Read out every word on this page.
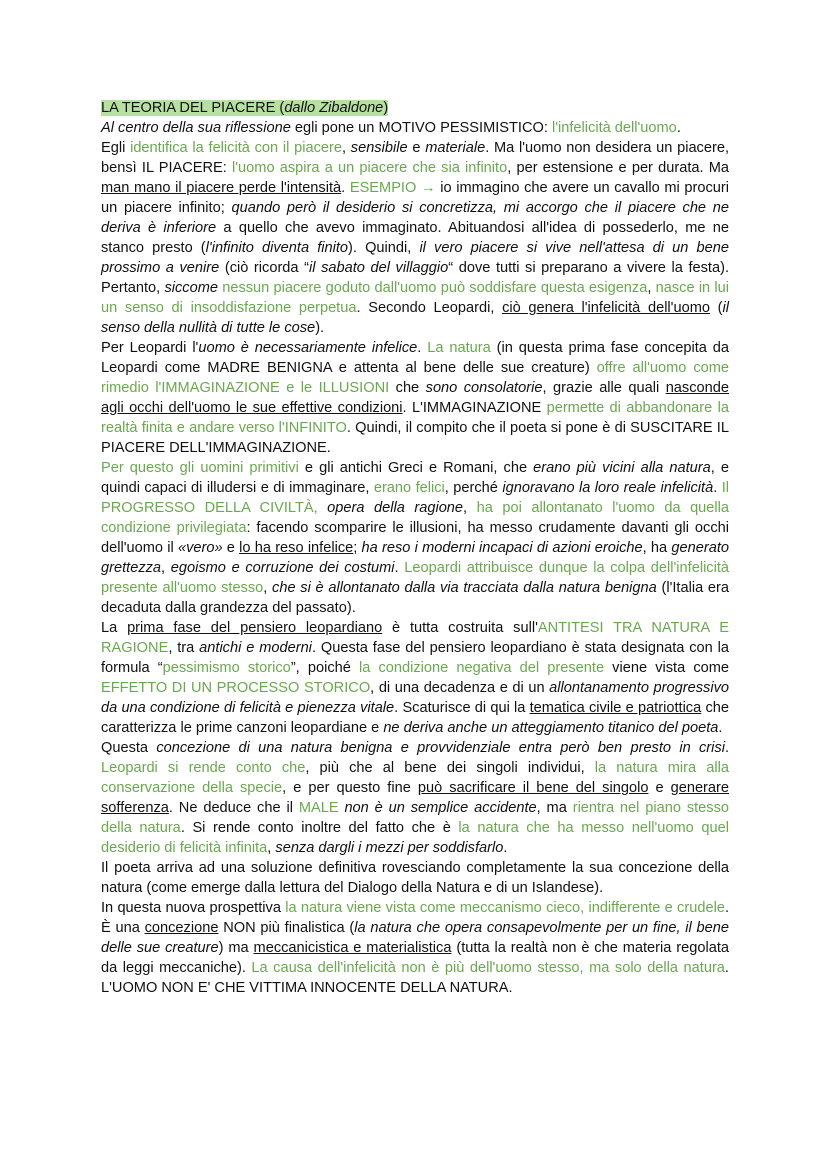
LA TEORIA DEL PIACERE (dallo Zibaldone)

Al centro della sua riflessione egli pone un MOTIVO PESSIMISTICO: l'infelicità dell'uomo.

Egli identifica la felicità con il piacere, sensibile e materiale. Ma l'uomo non desidera un piacere, bensì IL PIACERE: l'uomo aspira a un piacere che sia infinito, per estensione e per durata. Ma man mano il piacere perde l'intensità. ESEMPIO → io immagino che avere un cavallo mi procuri un piacere infinito; quando però il desiderio si concretizza, mi accorgo che il piacere che ne deriva è inferiore a quello che avevo immaginato. Abituandosi all'idea di possederlo, me ne stanco presto (l'infinito diventa finito). Quindi, il vero piacere si vive nell'attesa di un bene prossimo a venire (ciò ricorda “il sabato del villaggio“ dove tutti si preparano a vivere la festa). Pertanto, siccome nessun piacere goduto dall'uomo può soddisfare questa esigenza, nasce in lui un senso di insoddisfazione perpetua. Secondo Leopardi, ciò genera l'infelicità dell'uomo (il senso della nullità di tutte le cose).

Per Leopardi l'uomo è necessariamente infelice. La natura (in questa prima fase concepita da Leopardi come MADRE BENIGNA e attenta al bene delle sue creature) offre all'uomo come rimedio l'IMMAGINAZIONE e le ILLUSIONI che sono consolatorie, grazie alle quali nasconde agli occhi dell'uomo le sue effettive condizioni. L'IMMAGINAZIONE permette di abbandonare la realtà finita e andare verso l'INFINITO. Quindi, il compito che il poeta si pone è di SUSCITARE IL PIACERE DELL'IMMAGINAZIONE.

Per questo gli uomini primitivi e gli antichi Greci e Romani, che erano più vicini alla natura, e quindi capaci di illudersi e di immaginare, erano felici, perché ignoravano la loro reale infelicità. Il PROGRESSO DELLA CIVILTÀ, opera della ragione, ha poi allontanato l'uomo da quella condizione privilegiata: facendo scomparire le illusioni, ha messo crudamente davanti gli occhi dell'uomo il «vero» e lo ha reso infelice; ha reso i moderni incapaci di azioni eroiche, ha generato grettezza, egoismo e corruzione dei costumi. Leopardi attribuisce dunque la colpa dell'infelicità presente all'uomo stesso, che si è allontanato dalla via tracciata dalla natura benigna (l'Italia era decaduta dalla grandezza del passato).

La prima fase del pensiero leopardiano è tutta costruita sull'ANTITESI TRA NATURA E RAGIONE, tra antichi e moderni. Questa fase del pensiero leopardiano è stata designata con la formula “pessimismo storico”, poiché la condizione negativa del presente viene vista come EFFETTO DI UN PROCESSO STORICO, di una decadenza e di un allontanamento progressivo da una condizione di felicità e pienezza vitale. Scaturisce di qui la tematica civile e patriottica che caratterizza le prime canzoni leopardiane e ne deriva anche un atteggiamento titanico del poeta.

Questa concezione di una natura benigna e provvidenziale entra però ben presto in crisi. Leopardi si rende conto che, più che al bene dei singoli individui, la natura mira alla conservazione della specie, e per questo fine può sacrificare il bene del singolo e generare sofferenza. Ne deduce che il MALE non è un semplice accidente, ma rientra nel piano stesso della natura. Si rende conto inoltre del fatto che è la natura che ha messo nell'uomo quel desiderio di felicità infinita, senza dargli i mezzi per soddisfarlo.

Il poeta arriva ad una soluzione definitiva rovesciando completamente la sua concezione della natura (come emerge dalla lettura del Dialogo della Natura e di un Islandese).

In questa nuova prospettiva la natura viene vista come meccanismo cieco, indifferente e crudele. È una concezione NON più finalistica (la natura che opera consapevolmente per un fine, il bene delle sue creature) ma meccanicistica e materialistica (tutta la realtà non è che materia regolata da leggi meccaniche). La causa dell'infelicità non è più dell'uomo stesso, ma solo della natura. L'UOMO NON E' CHE VITTIMA INNOCENTE DELLA NATURA.
